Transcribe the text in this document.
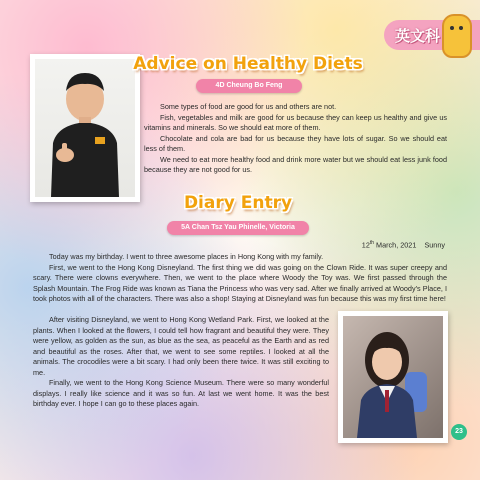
英文科
Advice on Healthy Diets
4D Cheung Bo Feng

Some types of food are good for us and others are not.

Fish, vegetables and milk are good for us because they can keep us healthy and give us vitamins and minerals. So we should eat more of them.

Chocolate and cola are bad for us because they have lots of sugar. So we should eat less of them.

We need to eat more healthy food and drink more water but we should eat less junk food because they are not good for us.

Diary Entry
5A Chan Tsz Yau Phinelle, Victoria
12th March, 2021 Sunny

Today was my birthday. I went to three awesome places in Hong Kong with my family.

First, we went to the Hong Kong Disneyland. The first thing we did was going on the Clown Ride. It was super creepy and scary. There were clowns everywhere. Then, we went to the place where Woody the Toy was. We first passed through the Splash Mountain. The Frog Ride was known as Tiana the Princess who was very sad. After we finally arrived at Woody's Place, I took photos with all of the characters. There was also a shop! Staying at Disneyland was fun because this was my first time here!

After visiting Disneyland, we went to Hong Kong Wetland Park. First, we looked at the plants. When I looked at the flowers, I could tell how fragrant and beautiful they were. They were yellow, as golden as the sun, as blue as the sea, as peaceful as the Earth and as red and beautiful as the roses. After that, we went to see some reptiles. I looked at all the animals. The crocodiles were a bit scary. I had only been there twice. It was still exciting to me.

Finally, we went to the Hong Kong Science Museum. There were so many wonderful displays. I really like science and it was so fun. At last we went home. It was the best birthday ever. I hope I can go to these places again.

23
